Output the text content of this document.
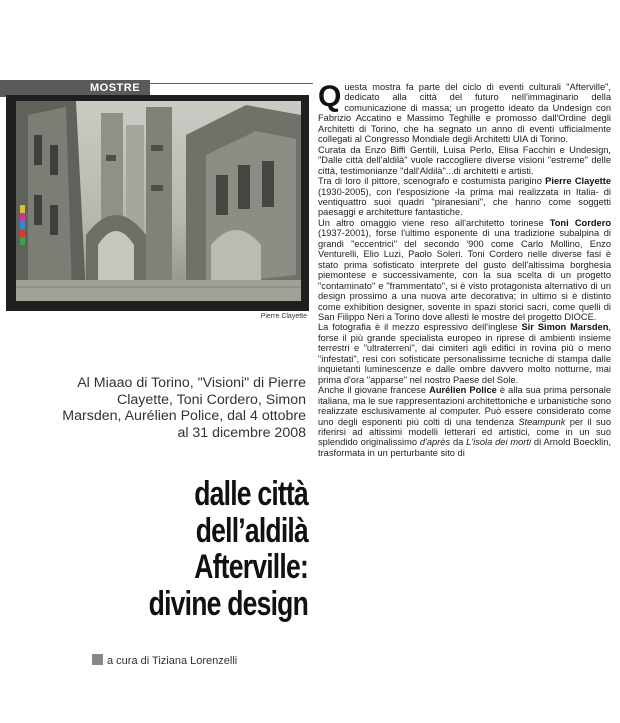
MOSTRE
Pierre Clayette
Al Miaao di Torino, "Visioni" di Pierre Clayette, Toni Cordero, Simon Marsden, Aurélien Police, dal 4 ottobre al 31 dicembre 2008
dalle città
dell’aldilà
Afterville:
divine design
a cura di Tiziana Lorenzelli

Questa mostra fa parte del ciclo di eventi culturali "Afterville", dedicato alla città del futuro nell'immaginario della comunicazione di massa; un progetto ideato da Undesign con Fabrizio Accatino e Massimo Teghille e promosso dall'Ordine degli Architetti di Torino, che ha segnato un anno di eventi ufficialmente collegati al Congresso Mondiale degli Architetti UIA di Torino.

Curata da Enzo Biffi Gentili, Luisa Perlo, Elisa Facchin e Undesign, "Dalle città dell'aldilà" vuole raccogliere diverse visioni "estreme" delle città, testimonianze "dall'Aldilà"...di architetti e artisti.

Tra di loro il pittore, scenografo e costumista parigino Pierre Clayette (1930-2005), con l'esposizione -la prima mai realizzata in Italia- di ventiquattro suoi quadri "piranesiani", che hanno come soggetti paesaggi e architetture fantastiche.

Un altro omaggio viene reso all'architetto torinese Toni Cordero (1937-2001), forse l'ultimo esponente di una tradizione subalpina di grandi "eccentrici" del secondo '900 come Carlo Mollino, Enzo Venturelli, Elio Luzi, Paolo Soleri. Toni Cordero nelle diverse fasi è stato prima sofisticato interprete del gusto dell'altissima borghesia piemontese e successivamente, con la sua scelta di un progetto "contaminato" e "frammentato", si è visto protagonista alternativo di un design prossimo a una nuova arte decorativa; in ultimo si è distinto come exhibition designer, sovente in spazi storici sacri, come quelli di San Filippo Neri a Torino dove allestì le mostre del progetto DIOCE.

La fotografia è il mezzo espressivo dell'inglese Sir Simon Marsden, forse il più grande specialista europeo in riprese di ambienti insieme terrestri e "ultraterreni", dai cimiteri agli edifici in rovina più o meno "infestati", resi con sofisticate personalissime tecniche di stampa dalle inquietanti luminescenze e dalle ombre davvero molto notturne, mai prima d'ora "apparse" nel nostro Paese del Sole.

Anche il giovane francese Aurélien Police è alla sua prima personale italiana, ma le sue rappresentazioni architettoniche e urbanistiche sono realizzate esclusivamente al computer. Può essere considerato come uno degli esponenti più colti di una tendenza Steampunk per il suo riferirsi ad altissimi modelli letterari ed artistici, come in un suo splendido originalissimo d'après da L'isola dei morti di Arnold Boecklin, trasformata in un perturbante sito di
